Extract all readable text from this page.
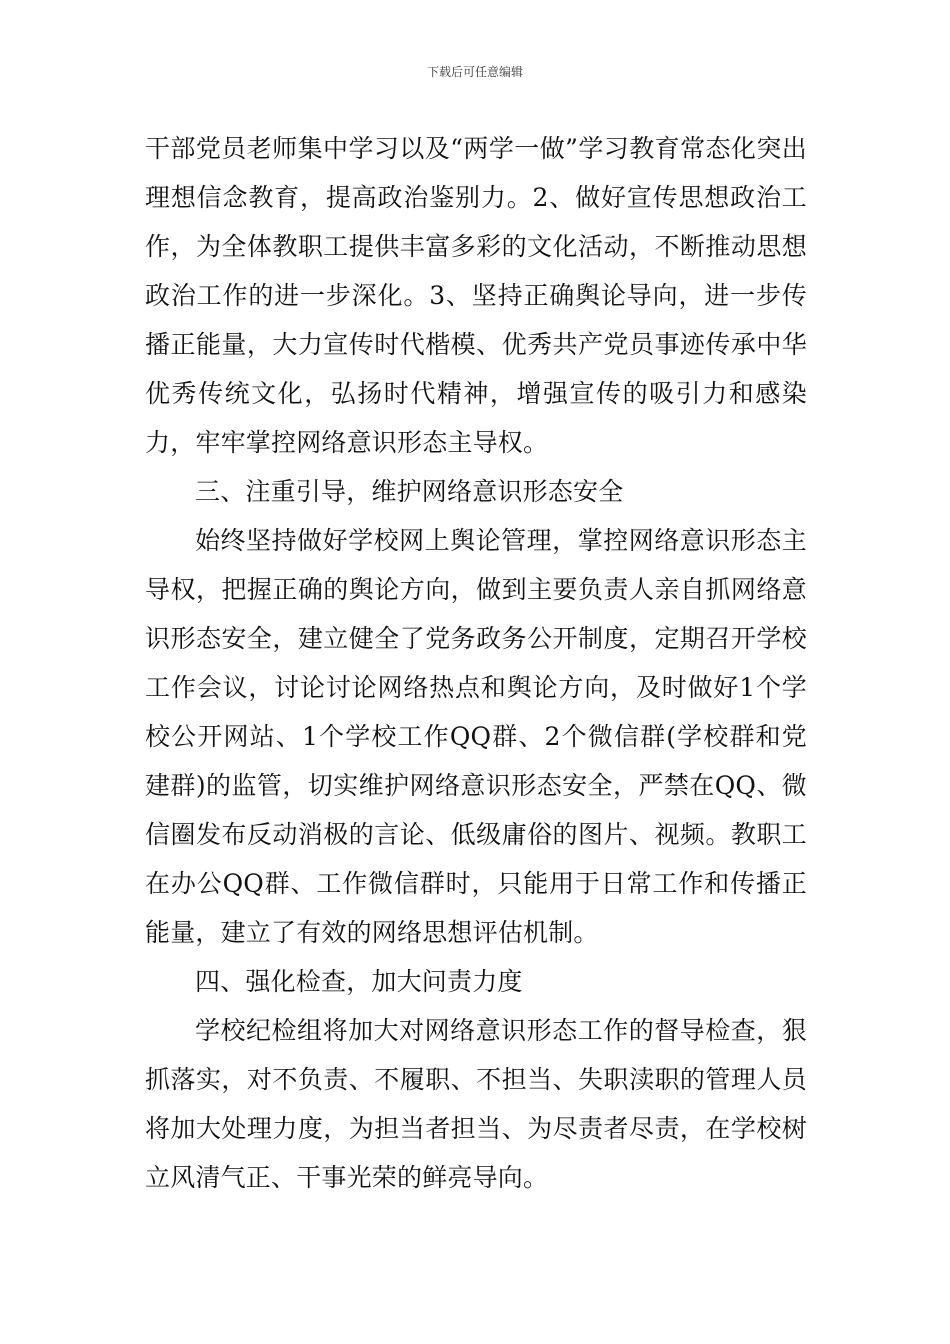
下载后可任意编辑

干部党员老师集中学习以及“两学一做”学习教育常态化突出理想信念教育，提高政治鉴别力。2、做好宣传思想政治工作，为全体教职工提供丰富多彩的文化活动，不断推动思想政治工作的进一步深化。3、坚持正确舆论导向，进一步传播正能量，大力宣传时代楷模、优秀共产党员事迹传承中华优秀传统文化，弘扬时代精神，增强宣传的吸引力和感染力，牢牢掌控网络意识形态主导权。

三、注重引导，维护网络意识形态安全

始终坚持做好学校网上舆论管理，掌控网络意识形态主导权，把握正确的舆论方向，做到主要负责人亲自抓网络意识形态安全，建立健全了党务政务公开制度，定期召开学校工作会议，讨论讨论网络热点和舆论方向，及时做好1个学校公开网站、1个学校工作QQ群、2个微信群(学校群和党建群)的监管，切实维护网络意识形态安全，严禁在QQ、微信圈发布反动消极的言论、低级庸俗的图片、视频。教职工在办公QQ群、工作微信群时，只能用于日常工作和传播正能量，建立了有效的网络思想评估机制。

四、强化检查，加大问责力度

学校纪检组将加大对网络意识形态工作的督导检查，狠抓落实，对不负责、不履职、不担当、失职渎职的管理人员将加大处理力度，为担当者担当、为尽责者尽责，在学校树立风清气正、干事光荣的鲜亮导向。
